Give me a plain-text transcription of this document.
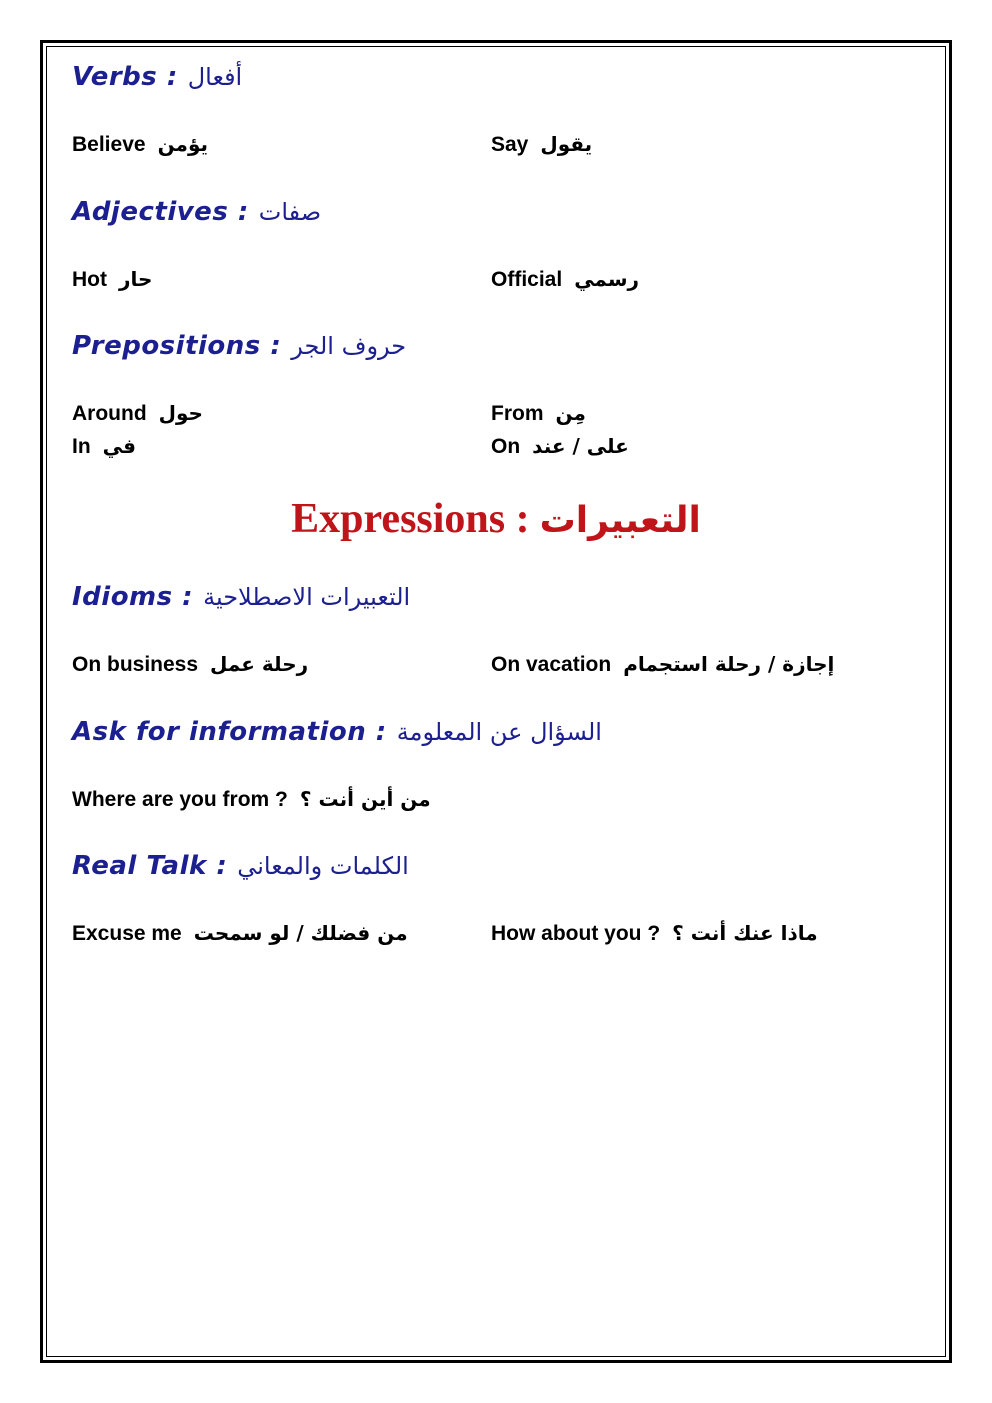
Verbs : أفعال
Believe يؤمن	Say يقول
Adjectives : صفات
Hot حار	Official رسمي
Prepositions : حروف الجر
Around حول	From مِن
In في	On على / عند
Expressions : التعبيرات
Idioms : التعبيرات الاصطلاحية
On business رحلة عمل	On vacation إجازة / رحلة استجمام
Ask for information : السؤال عن المعلومة
Where are you from ? من أين أنت ؟
Real Talk : الكلمات والمعاني
Excuse me من فضلك / لو سمحت	How about you ? ماذا عنك أنت ؟
